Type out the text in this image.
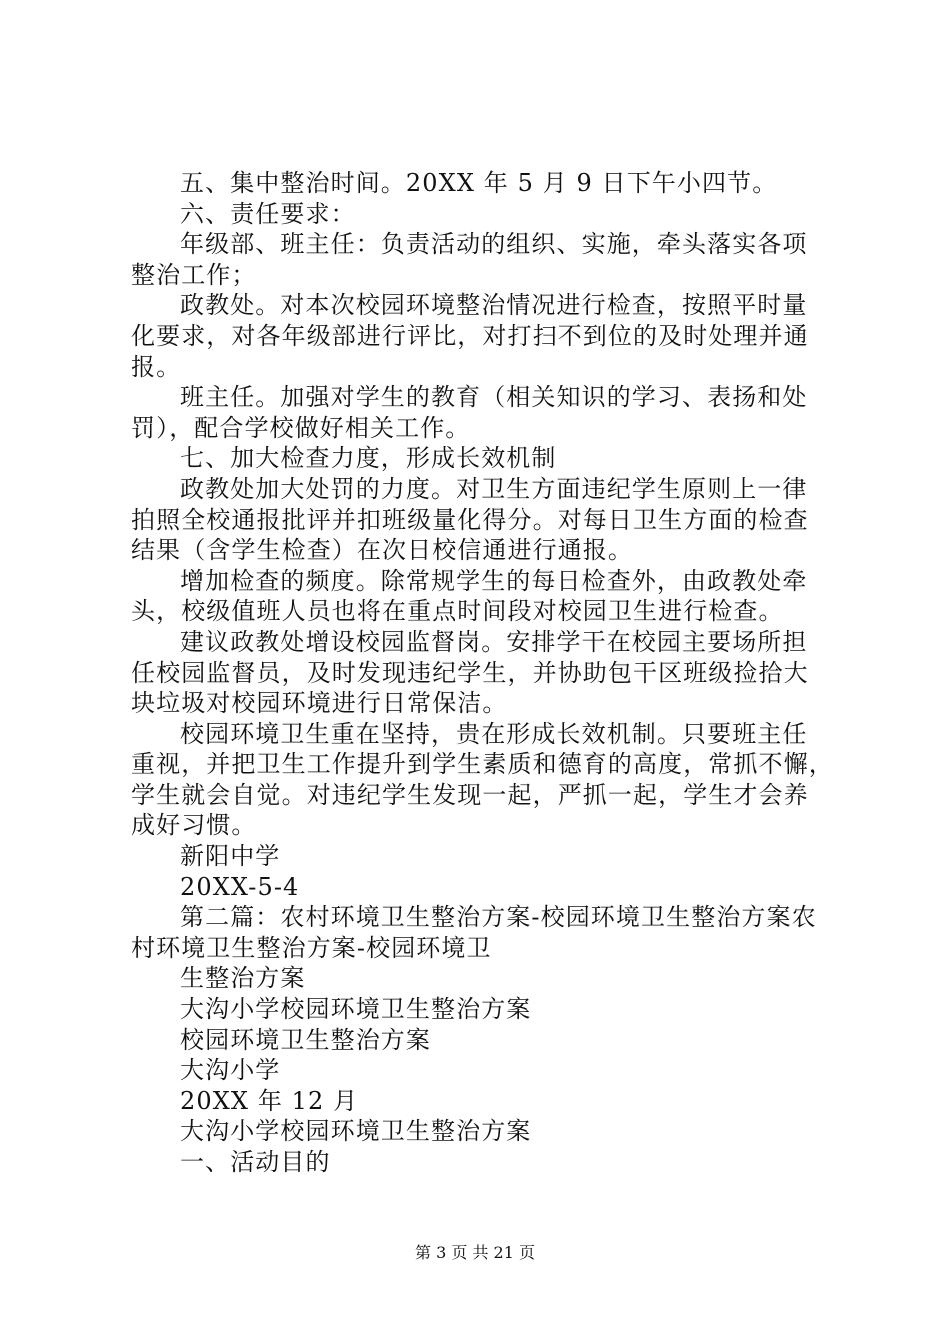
五、集中整治时间。20XX 年 5 月 9 日下午小四节。
六、责任要求：
年级部、班主任：负责活动的组织、实施，牵头落实各项
整治工作；
政教处。对本次校园环境整治情况进行检查，按照平时量
化要求，对各年级部进行评比，对打扫不到位的及时处理并通
报。
班主任。加强对学生的教育（相关知识的学习、表扬和处
罚），配合学校做好相关工作。
七、加大检查力度，形成长效机制
政教处加大处罚的力度。对卫生方面违纪学生原则上一律
拍照全校通报批评并扣班级量化得分。对每日卫生方面的检查
结果（含学生检查）在次日校信通进行通报。
增加检查的频度。除常规学生的每日检查外，由政教处牵
头，校级值班人员也将在重点时间段对校园卫生进行检查。
建议政教处增设校园监督岗。安排学干在校园主要场所担
任校园监督员，及时发现违纪学生，并协助包干区班级捡拾大
块垃圾对校园环境进行日常保洁。
校园环境卫生重在坚持，贵在形成长效机制。只要班主任
重视，并把卫生工作提升到学生素质和德育的高度，常抓不懈，
学生就会自觉。对违纪学生发现一起，严抓一起，学生才会养
成好习惯。
新阳中学
20XX-5-4
第二篇：农村环境卫生整治方案-校园环境卫生整治方案农
村环境卫生整治方案-校园环境卫
生整治方案
大沟小学校园环境卫生整治方案
校园环境卫生整治方案
大沟小学
20XX 年 12 月
大沟小学校园环境卫生整治方案
一、活动目的
第 3 页 共 21 页
